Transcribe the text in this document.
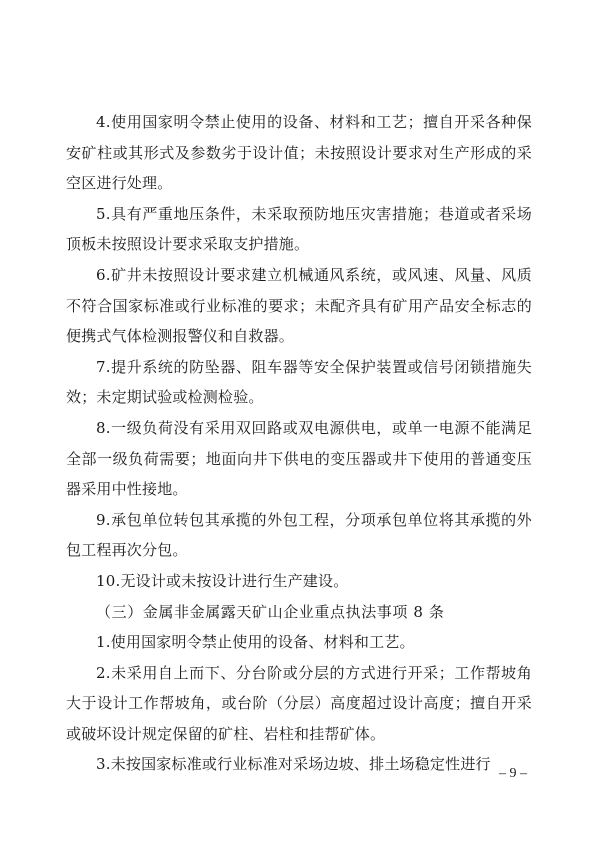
4.使用国家明令禁止使用的设备、材料和工艺；擅自开采各种保安矿柱或其形式及参数劣于设计值；未按照设计要求对生产形成的采空区进行处理。

5.具有严重地压条件，未采取预防地压灾害措施；巷道或者采场顶板未按照设计要求采取支护措施。

6.矿井未按照设计要求建立机械通风系统，或风速、风量、风质不符合国家标准或行业标准的要求；未配齐具有矿用产品安全标志的便携式气体检测报警仪和自救器。

7.提升系统的防坠器、阻车器等安全保护装置或信号闭锁措施失效；未定期试验或检测检验。

8.一级负荷没有采用双回路或双电源供电，或单一电源不能满足全部一级负荷需要；地面向井下供电的变压器或井下使用的普通变压器采用中性接地。

9.承包单位转包其承揽的外包工程，分项承包单位将其承揽的外包工程再次分包。

10.无设计或未按设计进行生产建设。

（三）金属非金属露天矿山企业重点执法事项 8 条

1.使用国家明令禁止使用的设备、材料和工艺。

2.未采用自上而下、分台阶或分层的方式进行开采；工作帮坡角大于设计工作帮坡角，或台阶（分层）高度超过设计高度；擅自开采或破坏设计规定保留的矿柱、岩柱和挂帮矿体。

3.未按国家标准或行业标准对采场边坡、排土场稳定性进行

– 9 –
